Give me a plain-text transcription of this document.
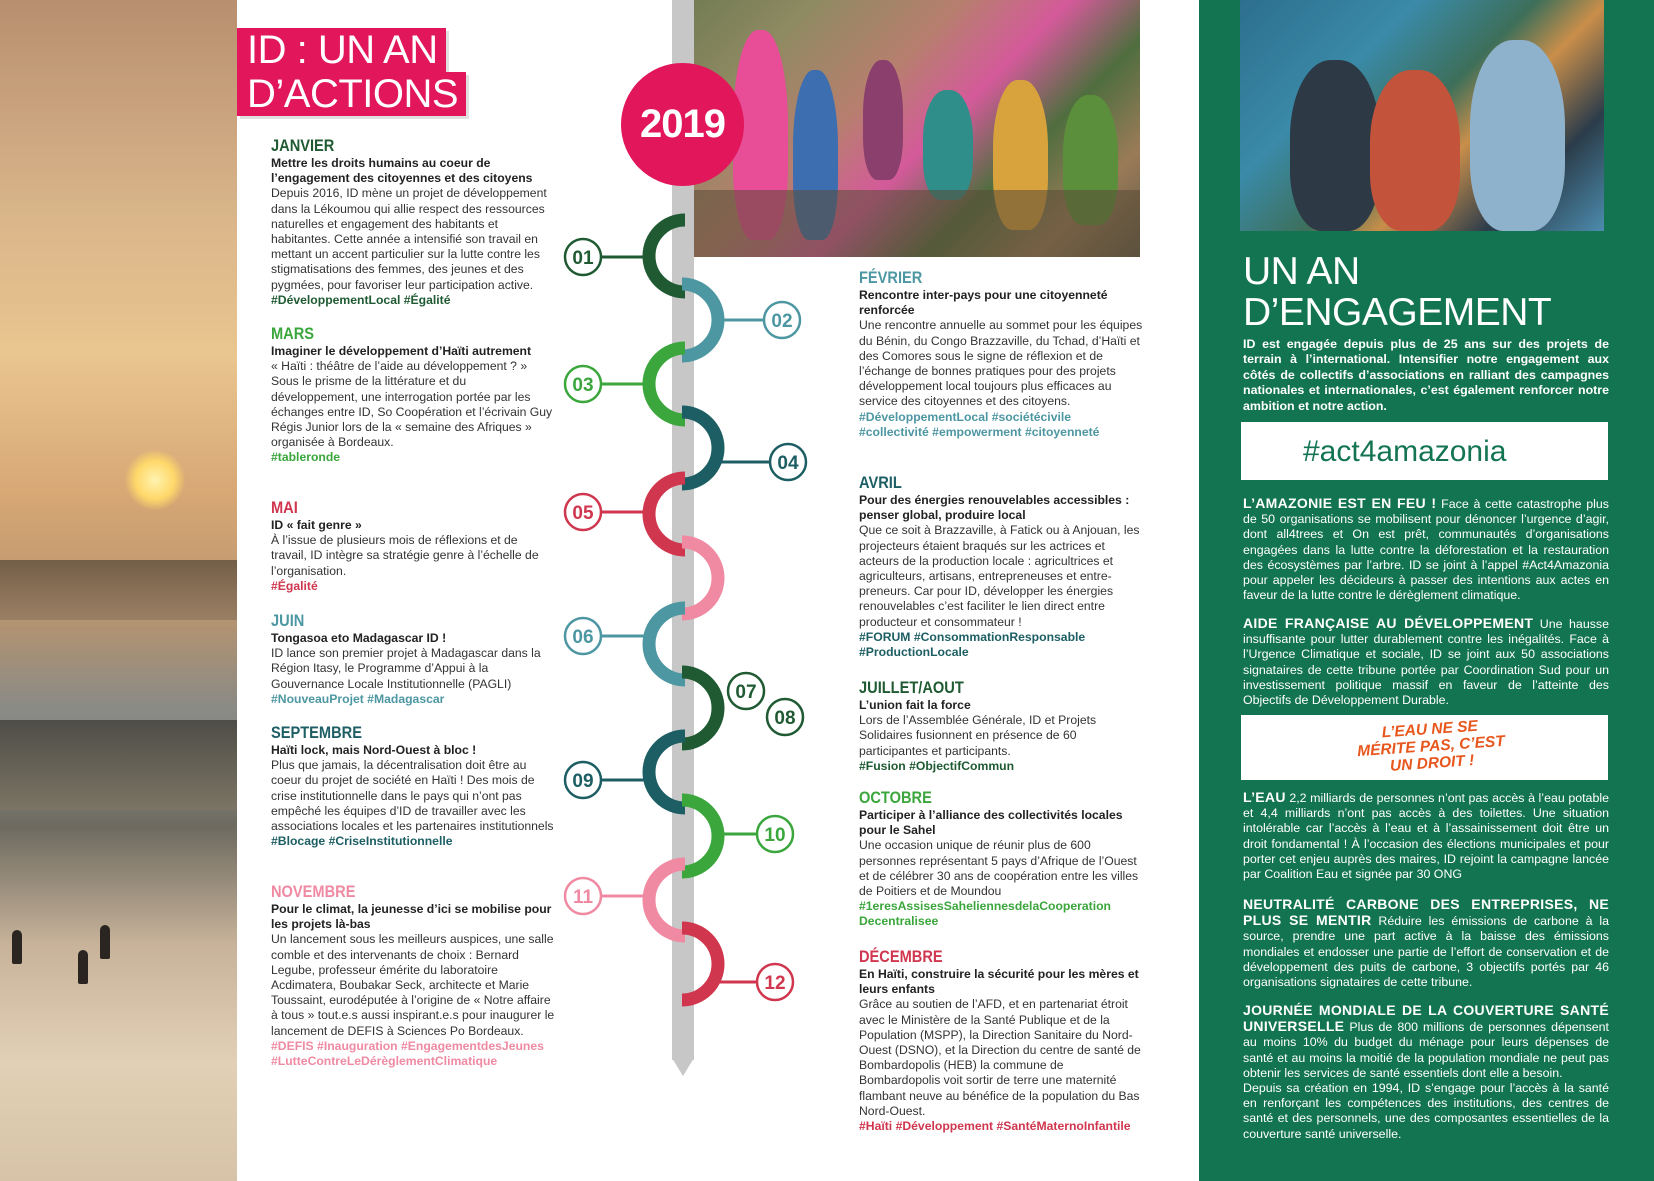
ID : UN AN
D’ACTIONS
01
02
03
04
05
06
07
08
09
10
11
12
2019
JANVIER
Mettre les droits humains au coeur de l’engagement des citoyennes et des citoyens
Depuis 2016, ID mène un projet de développement dans la Lékoumou qui allie respect des ressources naturelles et engagement des habitants et habitantes. Cette année a intensifié son travail en mettant un accent particulier sur la lutte contre les stigmatisations des femmes, des jeunes et des pygmées, pour favoriser leur participation active.
#DéveloppementLocal #Égalité
MARS
Imaginer le développement d’Haïti autrement
« Haïti : théâtre de l’aide au développement ? » Sous le prisme de la littérature et du développement, une interrogation portée par les échanges entre ID, So Coopération et l’écrivain Guy Régis Junior lors de la « semaine des Afriques » organisée à Bordeaux.
#tableronde
MAI
ID « fait genre »
À l’issue de plusieurs mois de réflexions et de travail, ID intègre sa stratégie genre à l’échelle de l’organisation.
#Égalité
JUIN
Tongasoa eto Madagascar ID !
ID lance son premier projet à Madagascar dans la Région Itasy, le Programme d’Appui à la Gouvernance Locale Institutionnelle (PAGLI)
#NouveauProjet #Madagascar
SEPTEMBRE
Haïti lock, mais Nord-Ouest à bloc !
Plus que jamais, la décentralisation doit être au coeur du projet de société en Haïti ! Des mois de crise institutionnelle dans le pays qui n’ont pas empêché les équipes d’ID de travailler avec les associations locales et les partenaires institutionnels
#Blocage #CriseInstitutionnelle
NOVEMBRE
Pour le climat, la jeunesse d’ici se mobilise pour les projets là-bas
Un lancement sous les meilleurs auspices, une salle comble et des intervenants de choix : Bernard Legube, professeur émérite du laboratoire Acdimatera, Boubakar Seck, architecte et Marie Toussaint, eurodéputée à l’origine de « Notre affaire à tous » tout.e.s aussi inspirant.e.s pour inaugurer le lancement de DEFIS à Sciences Po Bordeaux.
#DEFIS #Inauguration #EngagementdesJeunes #LutteContreLeDérèglementClimatique
FÉVRIER
Rencontre inter-pays pour une citoyenneté renforcée
Une rencontre annuelle au sommet pour les équipes du Bénin, du Congo Brazzaville, du Tchad, d’Haïti et des Comores sous le signe de réflexion et de l’échange de bonnes pratiques pour des projets développement local toujours plus efficaces au service des citoyennes et des citoyens.
#DéveloppementLocal #sociétécivile #collectivité #empowerment #citoyenneté
AVRIL
Pour des énergies renouvelables accessibles : penser global, produire local
Que ce soit à Brazzaville, à Fatick ou à Anjouan, les projecteurs étaient braqués sur les actrices et acteurs de la production locale : agricultrices et agriculteurs, artisans, entrepreneuses et entre-preneurs. Car pour ID, développer les énergies renouvelables c’est faciliter le lien direct entre producteur et consommateur !
#FORUM #ConsommationResponsable #ProductionLocale
JUILLET/AOUT
L’union fait la force
Lors de l’Assemblée Générale, ID et Projets Solidaires fusionnent en présence de 60 participantes et participants.
#Fusion #ObjectifCommun
OCTOBRE
Participer à l’alliance des collectivités locales pour le Sahel
Une occasion unique de réunir plus de 600 personnes représentant 5 pays d’Afrique de l’Ouest et de célébrer 30 ans de coopération entre les villes de Poitiers et de Moundou
#1eresAssisesSaheliennesdelaCooperation Decentralisee
DÉCEMBRE
En Haïti, construire la sécurité pour les mères et leurs enfants
Grâce au soutien de l’AFD, et en partenariat étroit avec le Ministère de la Santé Publique et de la Population (MSPP), la Direction Sanitaire du Nord-Ouest (DSNO), et la Direction du centre de santé de Bombardopolis (HEB) la commune de Bombardopolis voit sortir de terre une maternité flambant neuve au bénéfice de la population du Bas Nord-Ouest.
#Haïti #Développement #SantéMaternoInfantile
UN AN
D’ENGAGEMENT
ID est engagée depuis plus de 25 ans sur des projets de terrain à l’international. Intensifier notre engagement aux côtés de collectifs d’associations en ralliant des campagnes nationales et internationales, c’est également renforcer notre ambition et notre action.
#act4amazonia
L’AMAZONIE EST EN FEU ! Face à cette catastrophe plus de 50 organisations se mobilisent pour dénoncer l’urgence d’agir, dont all4trees et On est prêt, communautés d’organisations engagées dans la lutte contre la déforestation et la restauration des écosystèmes par l’arbre. ID se joint à l’appel #Act4Amazonia pour appeler les décideurs à passer des intentions aux actes en faveur de la lutte contre le dérèglement climatique.
AIDE FRANÇAISE AU DÉVELOPPEMENT Une hausse insuffisante pour lutter durablement contre les inégalités. Face à l’Urgence Climatique et sociale, ID se joint aux 50 associations signataires de cette tribune portée par Coordination Sud pour un investissement politique massif en faveur de l’atteinte des Objectifs de Développement Durable.
L’EAU NE SE MÉRITE PAS, C’EST UN DROIT !
L’EAU 2,2 milliards de personnes n’ont pas accès à l’eau potable et 4,4 milliards n’ont pas accès à des toilettes. Une situation intolérable car l’accès à l’eau et à l’assainissement doit être un droit fondamental ! À l’occasion des élections municipales et pour porter cet enjeu auprès des maires, ID rejoint la campagne lancée par Coalition Eau et signée par 30 ONG
NEUTRALITÉ CARBONE DES ENTREPRISES, NE PLUS SE MENTIR Réduire les émissions de carbone à la source, prendre une part active à la baisse des émissions mondiales et endosser une partie de l’effort de conservation et de développement des puits de carbone, 3 objectifs portés par 46 organisations signataires de cette tribune.
JOURNÉE MONDIALE DE LA COUVERTURE SANTÉ UNIVERSELLE Plus de 800 millions de personnes dépensent au moins 10% du budget du ménage pour leurs dépenses de santé et au moins la moitié de la population mondiale ne peut pas obtenir les services de santé essentiels dont elle a besoin.
Depuis sa création en 1994, ID s’engage pour l’accès à la santé en renforçant les compétences des institutions, des centres de santé et des personnels, une des composantes essentielles de la couverture santé universelle.
